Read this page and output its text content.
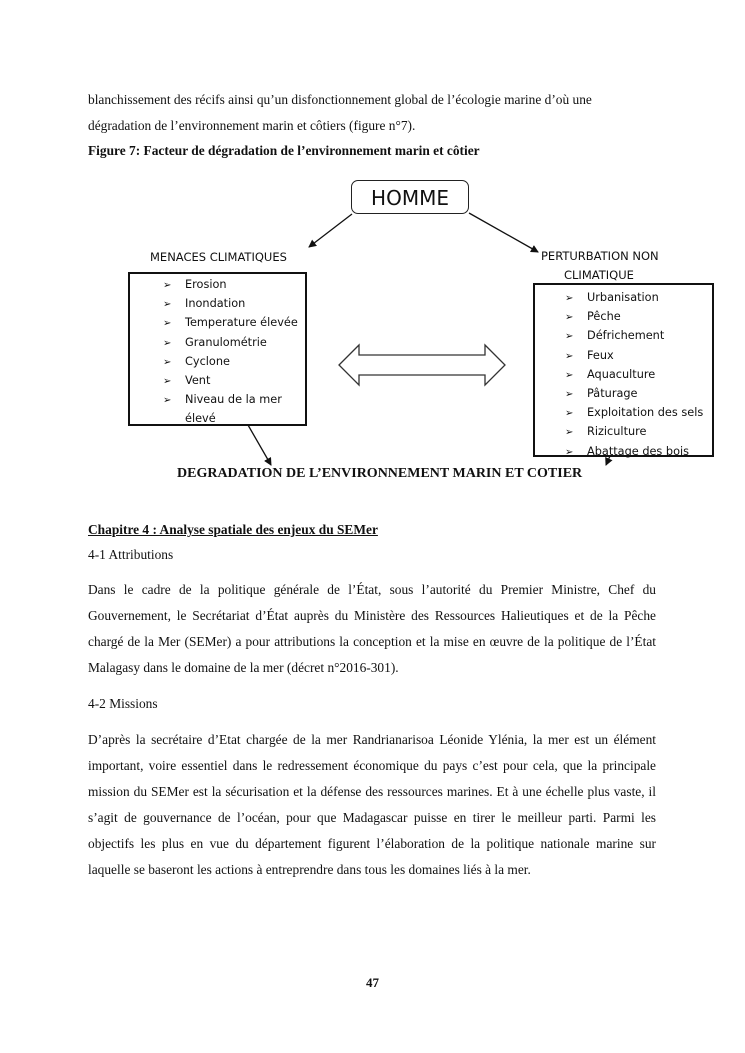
blanchissement des récifs ainsi qu’un disfonctionnement global de l’écologie marine d’où une

dégradation de l’environnement marin et côtiers (figure n°7).

Figure 7: Facteur de dégradation de l’environnement marin et côtier

HOMME
MENACES CLIMATIQUES	PERTURBATION NON
CLIMATIQUE
➢ Erosion
➢ Inondation
➢ Temperature élevée
➢ Granulométrie
➢ Cyclone
➢ Vent
➢ Niveau de la mer
élevé
➢ Urbanisation
➢ Pêche
➢ Défrichement
➢ Feux
➢ Aquaculture
➢ Pâturage
➢ Exploitation des sels
➢ Riziculture
➢ Abattage des bois
DEGRADATION DE L’ENVIRONNEMENT MARIN ET COTIER

Chapitre 4 : Analyse spatiale des enjeux du SEMer

4-1 Attributions

Dans le cadre de la politique générale de l’État, sous l’autorité du Premier Ministre, Chef du Gouvernement, le Secrétariat d’État auprès du Ministère des Ressources Halieutiques et de la Pêche chargé de la Mer (SEMer) a pour attributions la conception et la mise en œuvre de la politique de l’État Malagasy dans le domaine de la mer (décret n°2016-301).

4-2 Missions

D’après la secrétaire d’Etat chargée de la mer Randrianarisoa Léonide Ylénia, la mer est un élément important, voire essentiel dans le redressement économique du pays c’est pour cela, que la principale mission du SEMer est la sécurisation et la défense des ressources marines. Et à une échelle plus vaste, il s’agit de gouvernance de l’océan, pour que Madagascar puisse en tirer le meilleur parti. Parmi les objectifs les plus en vue du département figurent l’élaboration de la politique nationale marine sur laquelle se baseront les actions à entreprendre dans tous les domaines liés à la mer.

47
